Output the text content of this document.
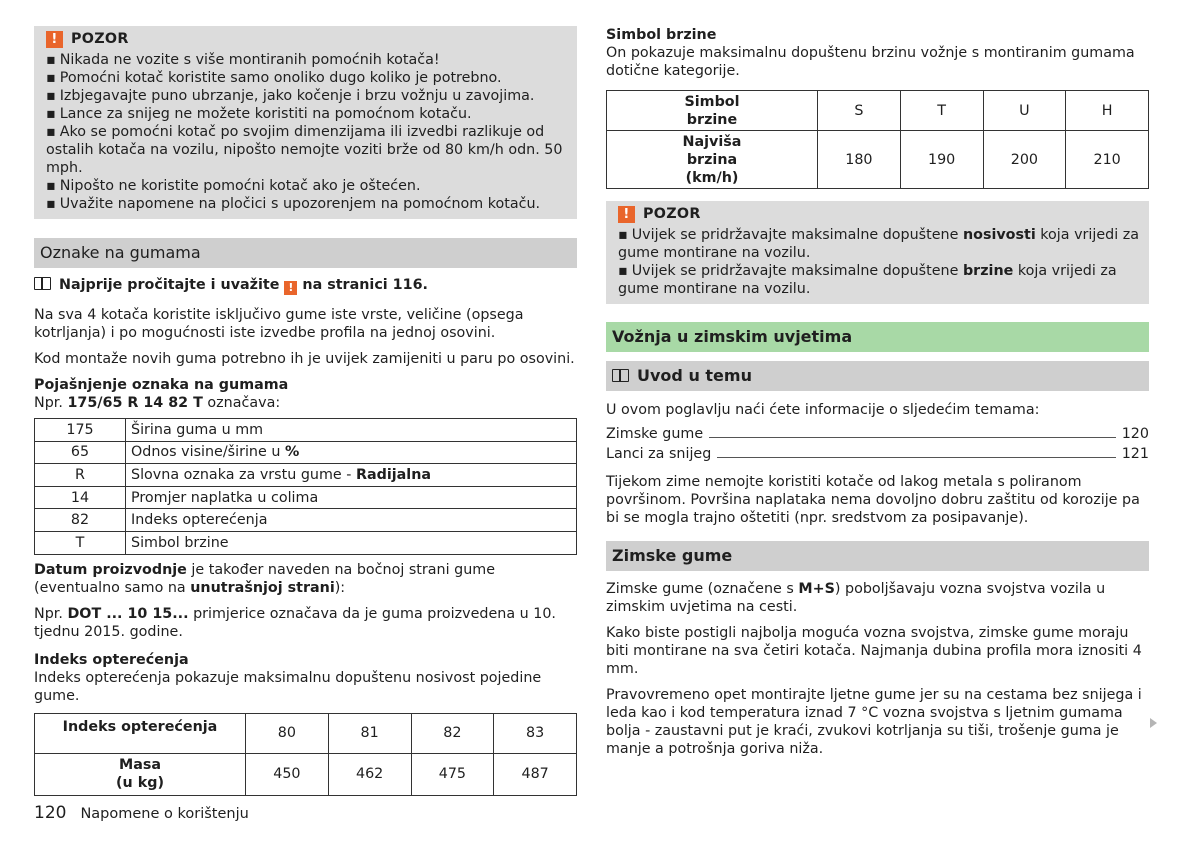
! POZOR
▪ Nikada ne vozite s više montiranih pomoćnih kotača!
▪ Pomoćni kotač koristite samo onoliko dugo koliko je potrebno.
▪ Izbjegavajte puno ubrzanje, jako kočenje i brzu vožnju u zavojima.
▪ Lance za snijeg ne možete koristiti na pomoćnom kotaču.
▪ Ako se pomoćni kotač po svojim dimenzijama ili izvedbi razlikuje od ostalih kotača na vozilu, nipošto nemojte voziti brže od 80 km/h odn. 50 mph.
▪ Nipošto ne koristite pomoćni kotač ako je oštećen.
▪ Uvažite napomene na pločici s upozorenjem na pomoćnom kotaču.
Oznake na gumama

Najprije pročitajte i uvažite ! na stranici 116.

Na sva 4 kotača koristite isključivo gume iste vrste, veličine (opsega kotrljanja) i po mogućnosti iste izvedbe profila na jednoj osovini.

Kod montaže novih guma potrebno ih je uvijek zamijeniti u paru po osovini.

Pojašnjenje oznaka na gumama

Npr. 175/65 R 14 82 T označava:

175	Širina guma u mm
65	Odnos visine/širine u %
R	Slovna oznaka za vrstu gume - Radijalna
14	Promjer naplatka u colima
82	Indeks opterećenja
T	Simbol brzine

Datum proizvodnje je također naveden na bočnoj strani gume (eventualno samo na unutrašnjoj strani):

Npr. DOT ... 10 15... primjerice označava da je guma proizvedena u 10. tjednu 2015. godine.

Indeks opterećenja

Indeks opterećenja pokazuje maksimalnu dopuštenu nosivost pojedine gume.

Indeks opterećenja	80	81	82	83
Masa
(u kg)	450	462	475	487

Simbol brzine

On pokazuje maksimalnu dopuštenu brzinu vožnje s montiranim gumama dotične kategorije.

Simbol
brzine	S	T	U	H
Najviša
brzina
(km/h)	180	190	200	210
! POZOR
▪ Uvijek se pridržavajte maksimalne dopuštene nosivosti koja vrijedi za gume montirane na vozilu.
▪ Uvijek se pridržavajte maksimalne dopuštene brzine koja vrijedi za gume montirane na vozilu.
Vožnja u zimskim uvjetima
Uvod u temu

U ovom poglavlju naći ćete informacije o sljedećim temama:

Zimske gume	120
Lanci za snijeg	121

Tijekom zime nemojte koristiti kotače od lakog metala s poliranom površinom. Površina naplataka nema dovoljno dobru zaštitu od korozije pa bi se mogla trajno oštetiti (npr. sredstvom za posipavanje).

Zimske gume

Zimske gume (označene s M+S) poboljšavaju vozna svojstva vozila u zimskim uvjetima na cesti.

Kako biste postigli najbolja moguća vozna svojstva, zimske gume moraju biti montirane na sva četiri kotača. Najmanja dubina profila mora iznositi 4 mm.

Pravovremeno opet montirajte ljetne gume jer su na cestama bez snijega i leda kao i kod temperatura iznad 7 °C vozna svojstva s ljetnim gumama bolja - zaustavni put je kraći, zvukovi kotrljanja su tiši, trošenje guma je manje a potrošnja goriva niža.

120 Napomene o korištenju
